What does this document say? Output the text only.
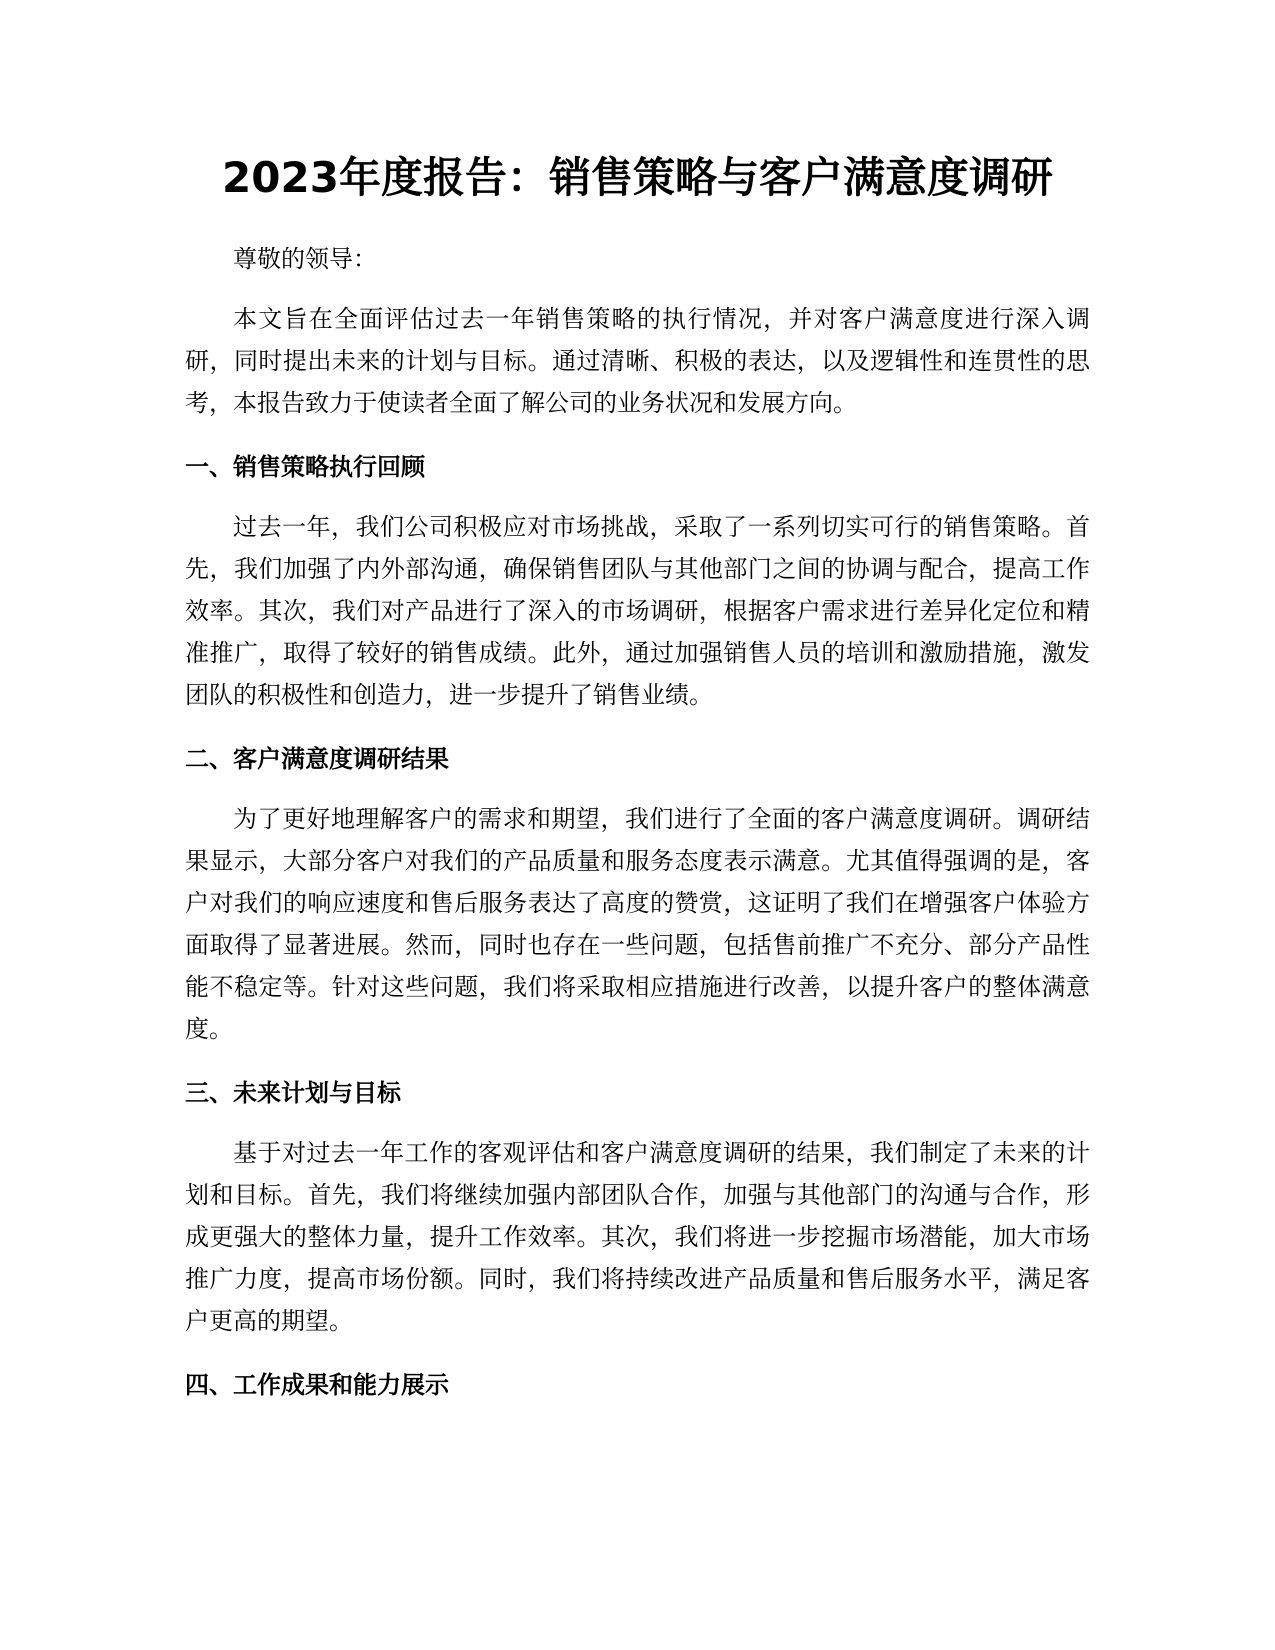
2023年度报告：销售策略与客户满意度调研

尊敬的领导：

本文旨在全面评估过去一年销售策略的执行情况，并对客户满意度进行深入调研，同时提出未来的计划与目标。通过清晰、积极的表达，以及逻辑性和连贯性的思考，本报告致力于使读者全面了解公司的业务状况和发展方向。

一、销售策略执行回顾

过去一年，我们公司积极应对市场挑战，采取了一系列切实可行的销售策略。首先，我们加强了内外部沟通，确保销售团队与其他部门之间的协调与配合，提高工作效率。其次，我们对产品进行了深入的市场调研，根据客户需求进行差异化定位和精准推广，取得了较好的销售成绩。此外，通过加强销售人员的培训和激励措施，激发团队的积极性和创造力，进一步提升了销售业绩。

二、客户满意度调研结果

为了更好地理解客户的需求和期望，我们进行了全面的客户满意度调研。调研结果显示，大部分客户对我们的产品质量和服务态度表示满意。尤其值得强调的是，客户对我们的响应速度和售后服务表达了高度的赞赏，这证明了我们在增强客户体验方面取得了显著进展。然而，同时也存在一些问题，包括售前推广不充分、部分产品性能不稳定等。针对这些问题，我们将采取相应措施进行改善，以提升客户的整体满意度。

三、未来计划与目标

基于对过去一年工作的客观评估和客户满意度调研的结果，我们制定了未来的计划和目标。首先，我们将继续加强内部团队合作，加强与其他部门的沟通与合作，形成更强大的整体力量，提升工作效率。其次，我们将进一步挖掘市场潜能，加大市场推广力度，提高市场份额。同时，我们将持续改进产品质量和售后服务水平，满足客户更高的期望。

四、工作成果和能力展示
